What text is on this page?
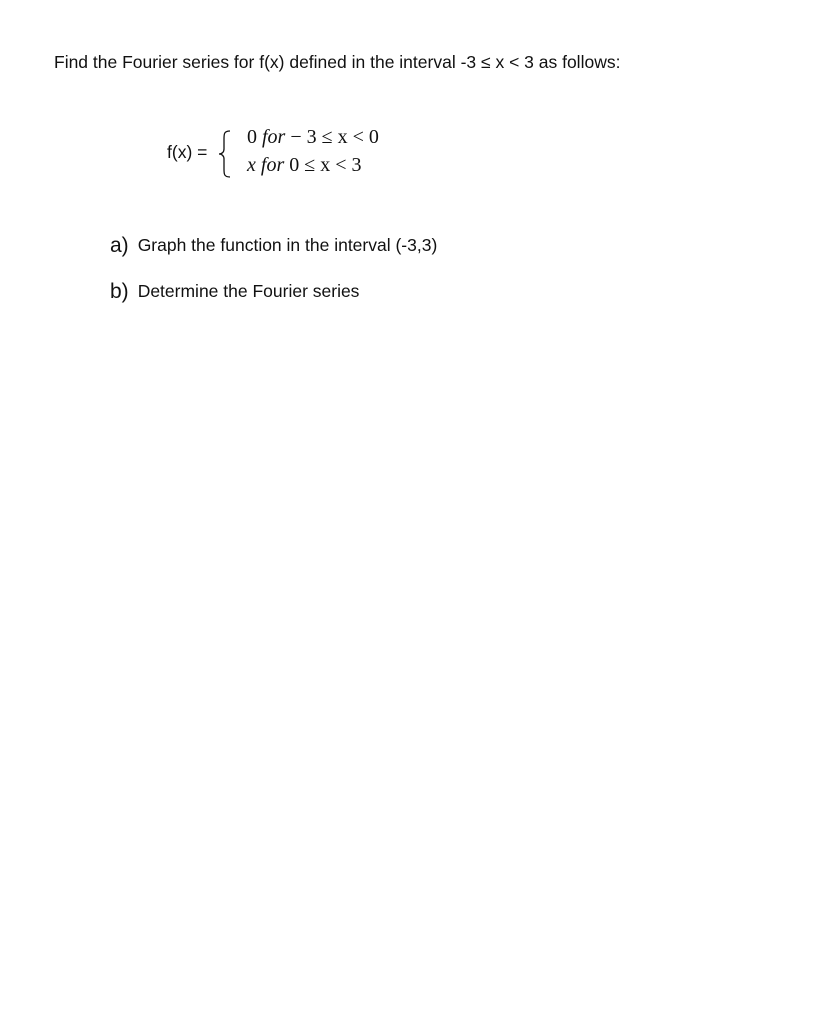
Find the Fourier series for f(x) defined in the interval -3 ≤ x < 3 as follows:
f(x) =
0 for − 3 ≤ x < 0
x for 0 ≤ x < 3
a) Graph the function in the interval (-3,3)
b) Determine the Fourier series
